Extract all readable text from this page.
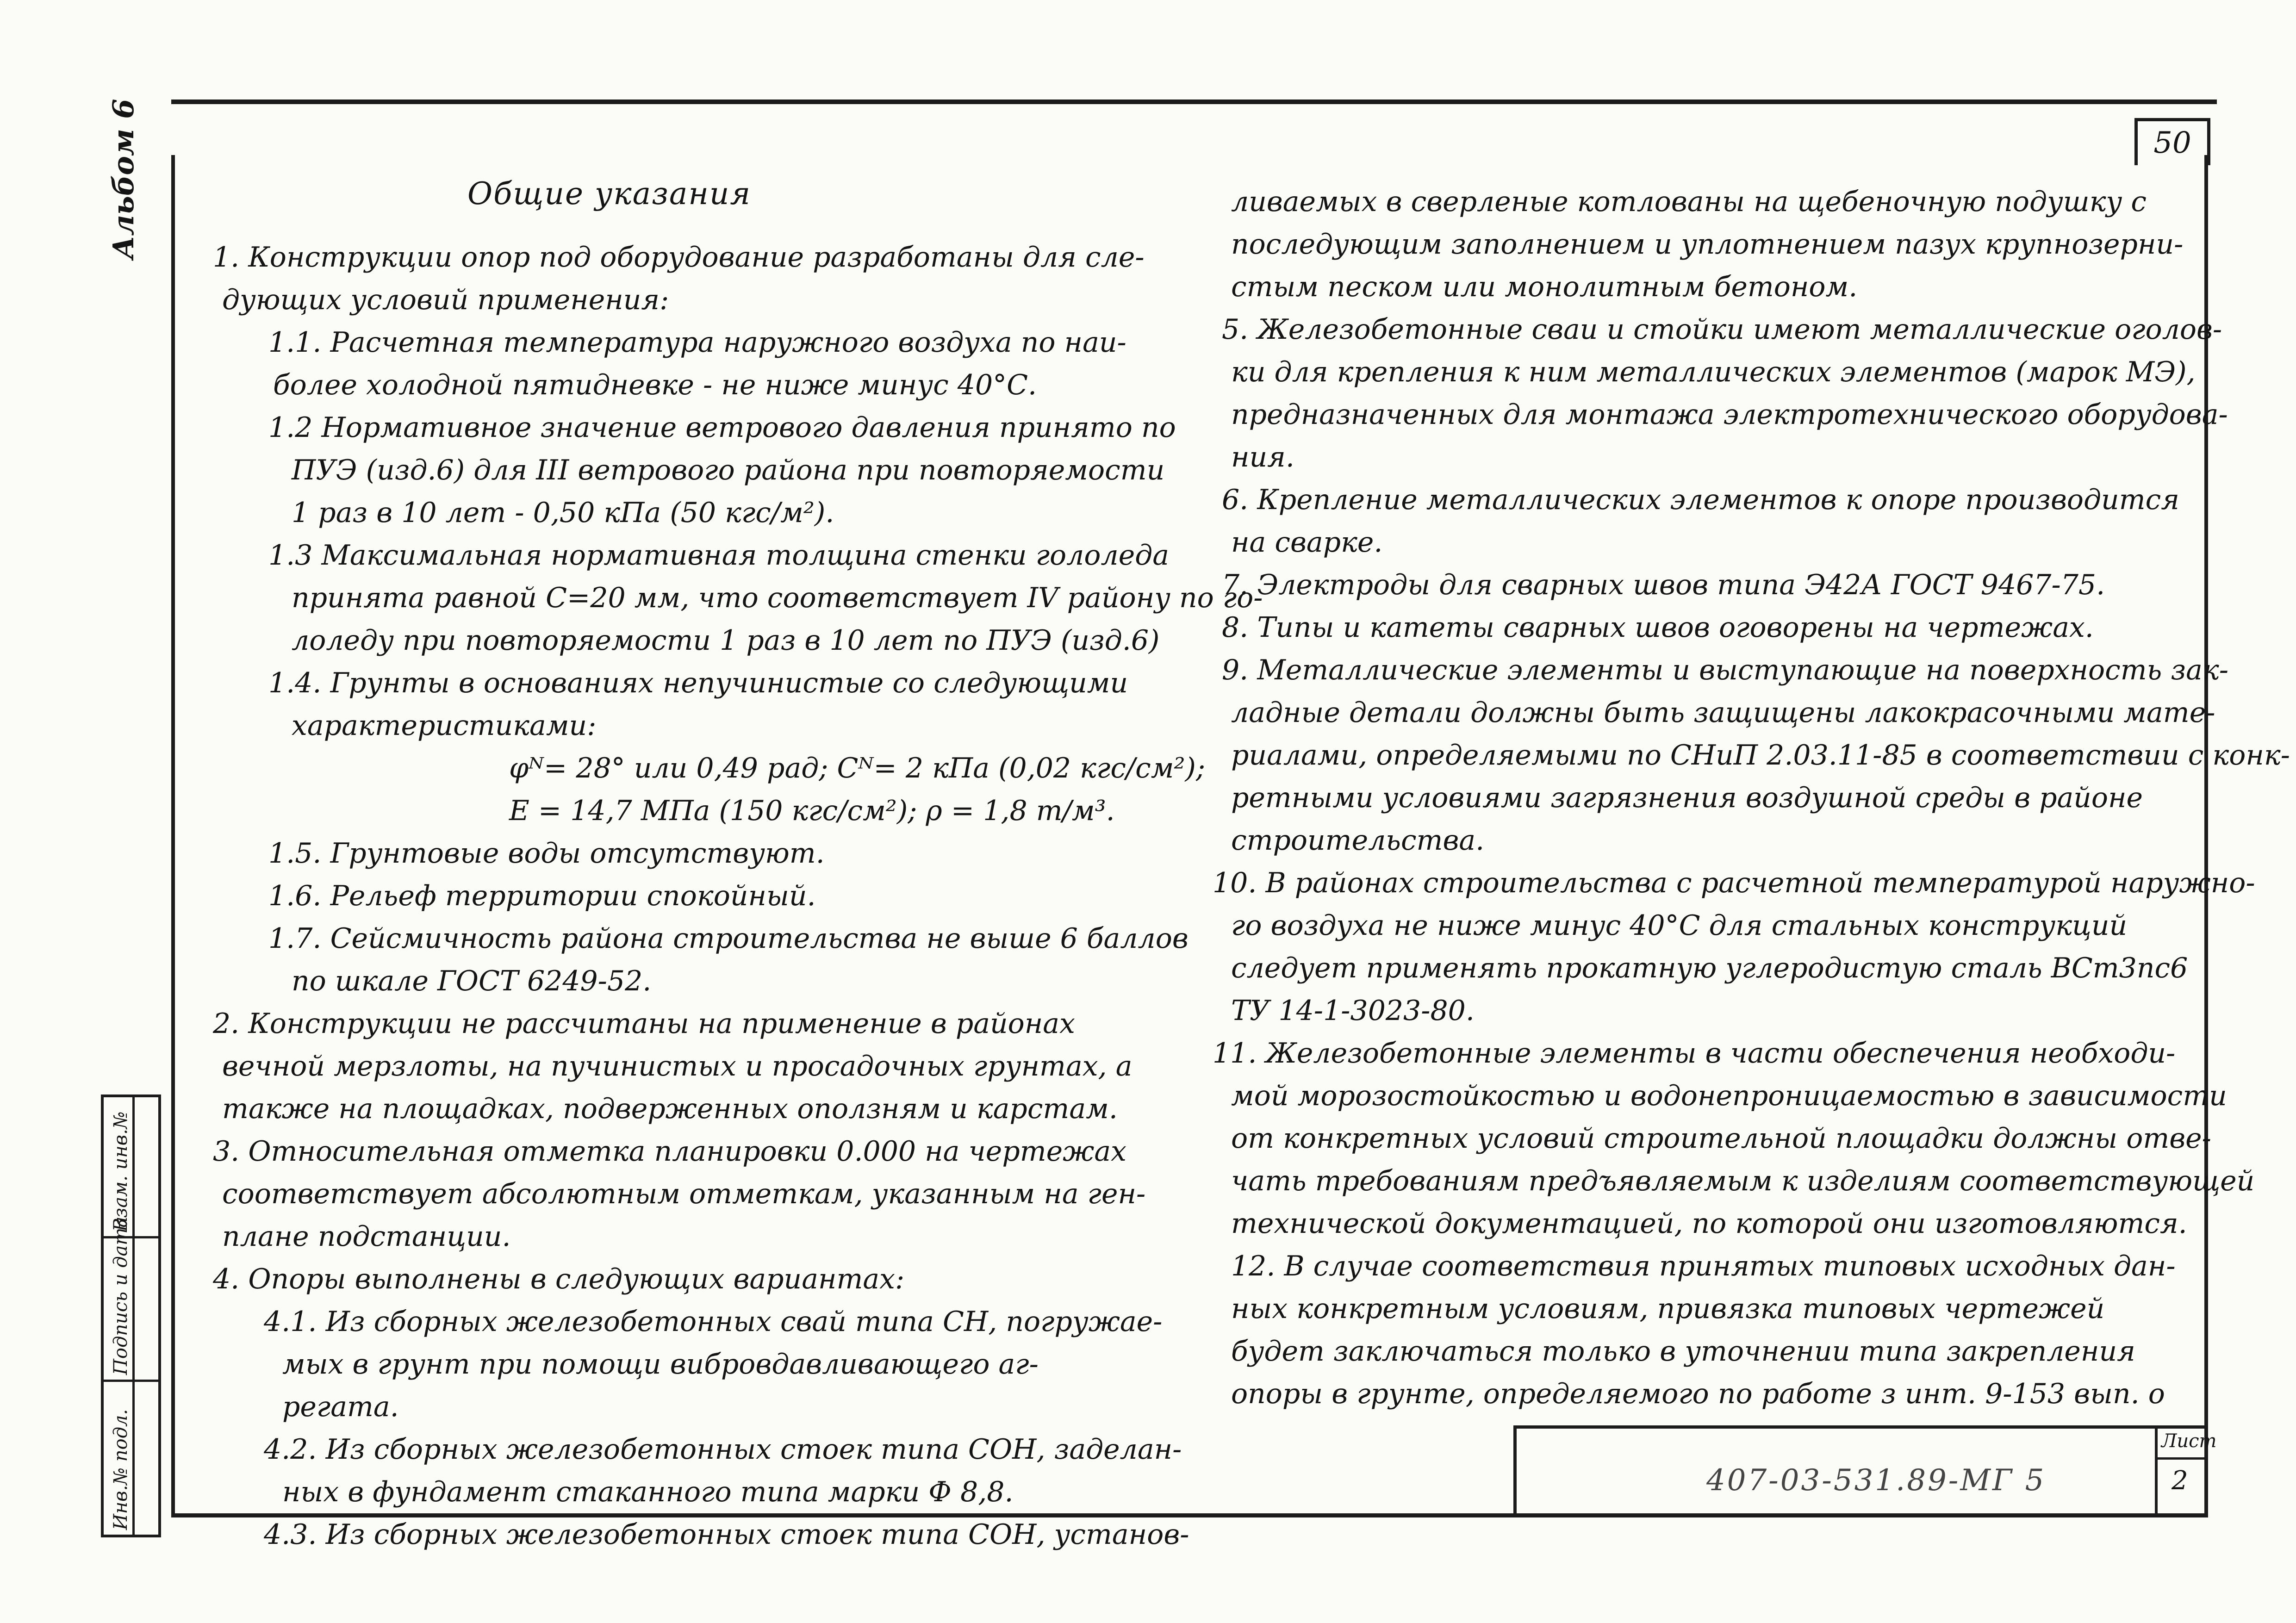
50
Альбом 6
Инв.№ подл.
Подпись и дата
Взам. инв.№
Общие указания
1. Конструкции опор под оборудование разработаны для сле-
дующих условий применения:
1.1. Расчетная температура наружного воздуха по наи-
более холодной пятидневке - не ниже минус 40°С.
1.2 Нормативное значение ветрового давления принято по
ПУЭ (изд.6) для III ветрового района при повторяемости
1 раз в 10 лет - 0,50 кПа (50 кгс/м²).
1.3 Максимальная нормативная толщина стенки гололеда
принята равной С=20 мм, что соответствует IV району по го-
лоледу при повторяемости 1 раз в 10 лет по ПУЭ (изд.6)
1.4. Грунты в основаниях непучинистые со следующими
характеристиками:
φᴺ= 28° или 0,49 рад; Сᴺ= 2 кПа (0,02 кгс/см²);
Е = 14,7 МПа (150 кгс/см²); ρ = 1,8 т/м³.
1.5. Грунтовые воды отсутствуют.
1.6. Рельеф территории спокойный.
1.7. Сейсмичность района строительства не выше 6 баллов
по шкале ГОСТ 6249-52.
2. Конструкции не рассчитаны на применение в районах
вечной мерзлоты, на пучинистых и просадочных грунтах, а
также на площадках, подверженных оползням и карстам.
3. Относительная отметка планировки 0.000 на чертежах
соответствует абсолютным отметкам, указанным на ген-
плане подстанции.
4. Опоры выполнены в следующих вариантах:
4.1. Из сборных железобетонных свай типа СН, погружае-
мых в грунт при помощи вибровдавливающего аг-
регата.
4.2. Из сборных железобетонных стоек типа СОН, заделан-
ных в фундамент стаканного типа марки Ф 8,8.
4.3. Из сборных железобетонных стоек типа СОН, установ-
ливаемых в сверленые котлованы на щебеночную подушку с
последующим заполнением и уплотнением пазух крупнозерни-
стым песком или монолитным бетоном.
5. Железобетонные сваи и стойки имеют металлические оголов-
ки для крепления к ним металлических элементов (марок МЭ),
предназначенных для монтажа электротехнического оборудова-
ния.
6. Крепление металлических элементов к опоре производится
на сварке.
7. Электроды для сварных швов типа Э42А ГОСТ 9467-75.
8. Типы и катеты сварных швов оговорены на чертежах.
9. Металлические элементы и выступающие на поверхность зак-
ладные детали должны быть защищены лакокрасочными мате-
риалами, определяемыми по СНиП 2.03.11-85 в соответствии с конк-
ретными условиями загрязнения воздушной среды в районе
строительства.
10. В районах строительства с расчетной температурой наружно-
го воздуха не ниже минус 40°С для стальных конструкций
следует применять прокатную углеродистую сталь ВСт3пс6
ТУ 14-1-3023-80.
11. Железобетонные элементы в части обеспечения необходи-
мой морозостойкостью и водонепроницаемостью в зависимости
от конкретных условий строительной площадки должны отве-
чать требованиям предъявляемым к изделиям соответствующей
технической документацией, по которой они изготовляются.
12. В случае соответствия принятых типовых исходных дан-
ных конкретным условиям, привязка типовых чертежей
будет заключаться только в уточнении типа закрепления
опоры в грунте, определяемого по работе з инт. 9-153 вып. о
407-03-531.89-МГ 5
Лист
2
